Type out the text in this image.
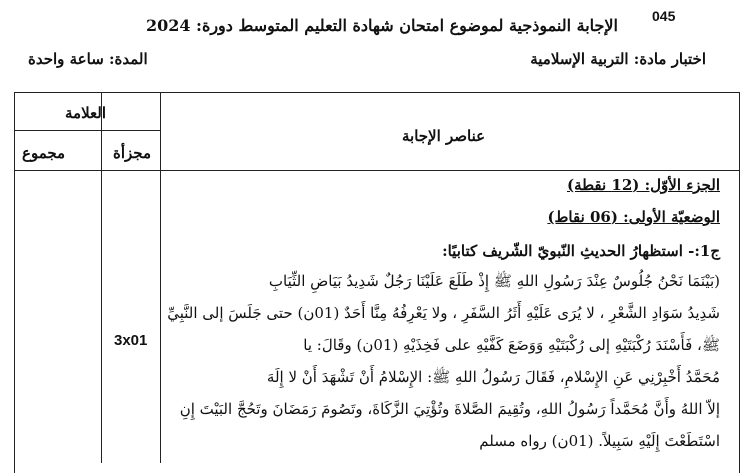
045
الإجابة النموذجية لموضوع امتحان شهادة التعليم المتوسط دورة: 2024
اختبار مادة: التربية الإسلامية
المدة: ساعة واحدة
العلامة
مجزأة
مجموع
عناصر الإجابة
الجزء الأوّل: (12 نقطة)
الوضعيّة الأولى: (06 نقاط)
ج1:- استظهارُ الحديثِ النّبويّ الشّريف كتابيًا:
(بَيْنَمَا نَحْنُ جُلُوسٌ عِنْدَ رَسُولِ اللهِ ﷺ إِذْ طَلَعَ عَلَيْنَا رَجُلٌ شَدِيدُ بَيَاضِ الثِّيَابِ
شَدِيدُ سَوَادِ الشَّعْرِ ، لا يُرَى عَلَيْهِ أَثَرُ السَّفَرِ ، ولا يَعْرِفُهُ مِنَّا أَحَدٌ (01ن) حتى جَلَسَ إلى النَّبِيِّ
ﷺ، فَأَسْنَدَ رُكْبَتَيْهِ إلى رُكْبَتَيْهِ وَوَضَعَ كَفَّيْهِ على فَخِذَيْهِ (01ن) وقَالَ: يا
مُحَمَّدُ أَخْبِرْنِي عَنِ الإِسْلامِ، فَقَالَ رَسُولُ اللهِ ﷺ: الإِسْلامُ أَنْ تَشْهَدَ أَنْ لا إِلَهَ
إلاّ اللهُ وأَنَّ مُحَمَّداً رَسُولُ اللهِ، وتُقِيمَ الصَّلاةَ وتُؤْتِيَ الزَّكَاةَ، وتَصُومَ رَمَضَانَ وتَحُجَّ البَيْتَ إِنِ
اسْتَطَعْتَ إِلَيْهِ سَبِيلاً. (01ن) رواه مسلم
3x01
